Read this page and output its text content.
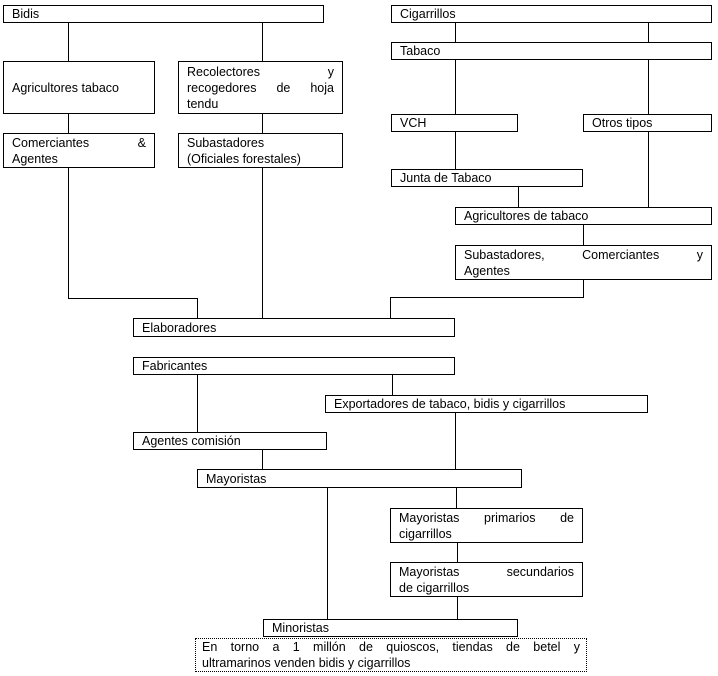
Bidis	Cigarrillos
Tabaco
Agricultores tabaco
Recolectores y
recogedores de hoja
tendu
Comerciantes &
Agentes
Subastadores
(Oficiales forestales)
VCH	Otros tipos
Junta de Tabaco
Agricultores de tabaco
Subastadores, Comerciantes y
Agentes
Elaboradores
Fabricantes
Exportadores de tabaco, bidis y cigarrillos
Agentes comisión
Mayoristas
Mayoristas primarios de
cigarrillos
Mayoristas secundarios
de cigarrillos
Minoristas
En torno a 1 millón de quioscos, tiendas de betel y
ultramarinos venden bidis y cigarrillos
